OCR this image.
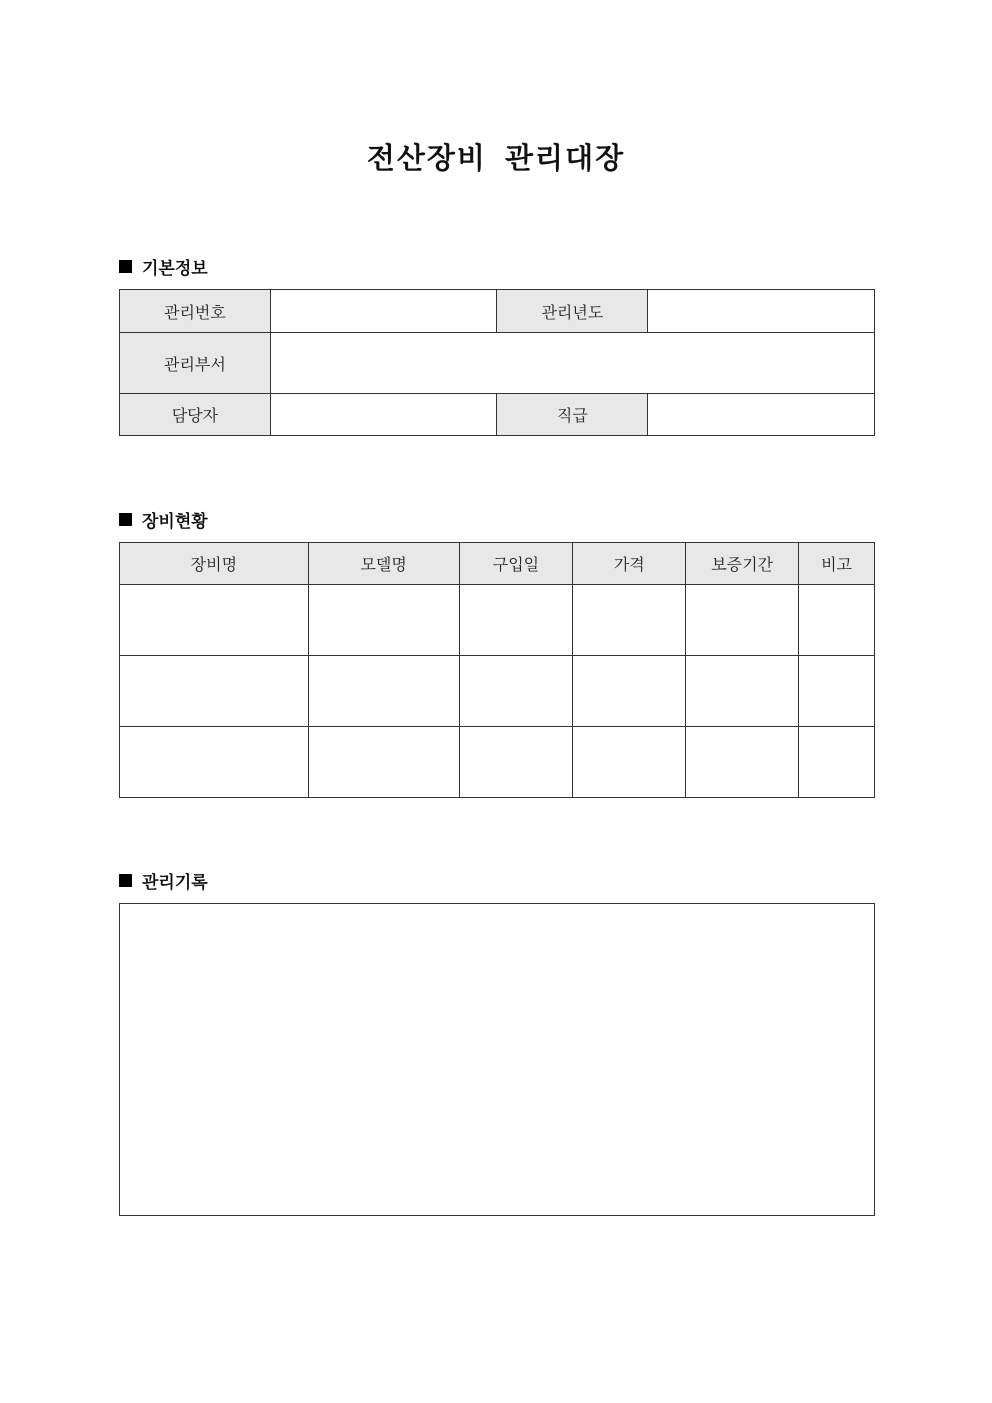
전산장비 관리대장
기본정보
관리번호		관리년도	
관리부서			
담당자		직급	
장비현황
장비명	모델명	구입일	가격	보증기간	비고

관리기록
